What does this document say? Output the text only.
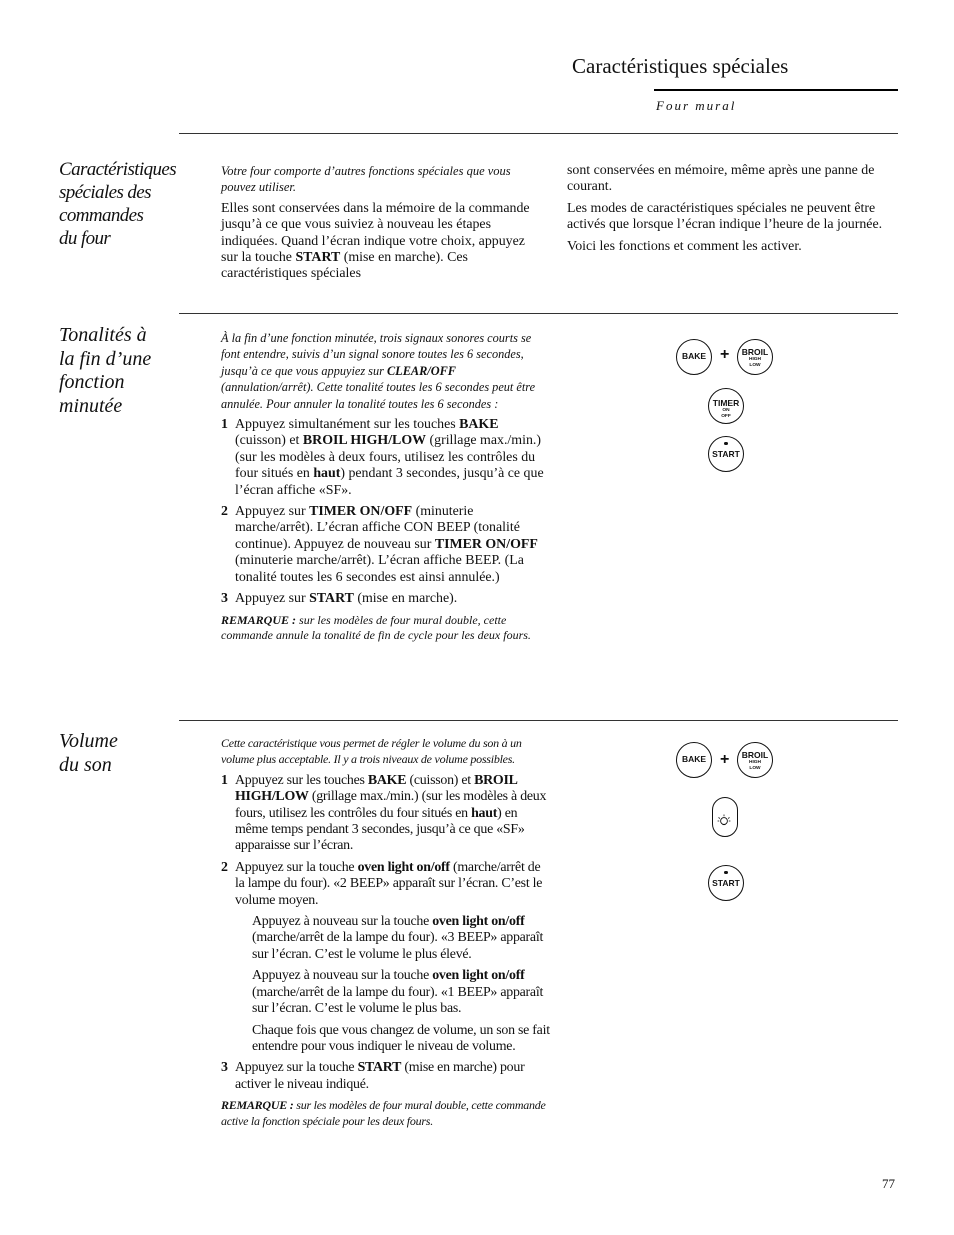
Caractéristiques spéciales
Four mural
Caractéristiques
spéciales des
commandes
du four

Votre four comporte d’autres fonctions spéciales que vous pouvez utiliser.

Elles sont conservées dans la mémoire de la commande jusqu’à ce que vous suiviez à nouveau les étapes indiquées. Quand l’écran indique votre choix, appuyez sur la touche START (mise en marche). Ces caractéristiques spéciales

sont conservées en mémoire, même après une panne de courant.

Les modes de caractéristiques spéciales ne peuvent être activés que lorsque l’écran indique l’heure de la journée.

Voici les fonctions et comment les activer.

Tonalités à
la fin d’une
fonction
minutée

À la fin d’une fonction minutée, trois signaux sonores courts se font entendre, suivis d’un signal sonore toutes les 6 secondes, jusqu’à ce que vous appuyiez sur CLEAR/OFF (annulation/arrêt). Cette tonalité toutes les 6 secondes peut être annulée. Pour annuler la tonalité toutes les 6 secondes :

1 Appuyez simultanément sur les touches BAKE (cuisson) et BROIL HIGH/LOW (grillage max./min.) (sur les modèles à deux fours, utilisez les contrôles du four situés en haut) pendant 3 secondes, jusqu’à ce que l’écran affiche «SF».
2 Appuyez sur TIMER ON/OFF (minuterie marche/arrêt). L’écran affiche CON BEEP (tonalité continue). Appuyez de nouveau sur TIMER ON/OFF (minuterie marche/arrêt). L’écran affiche BEEP. (La tonalité toutes les 6 secondes est ainsi annulée.)
3 Appuyez sur START (mise en marche).

REMARQUE : sur les modèles de four mural double, cette commande annule la tonalité de fin de cycle pour les deux fours.

BAKE +	BROIL
HIGH
LOW
TIMER
ON
OFF
START
Volume
du son

Cette caractéristique vous permet de régler le volume du son à un volume plus acceptable. Il y a trois niveaux de volume possibles.

1 Appuyez sur les touches BAKE (cuisson) et BROIL HIGH/LOW (grillage max./min.) (sur les modèles à deux fours, utilisez les contrôles du four situés en haut) en même temps pendant 3 secondes, jusqu’à ce que «SF» apparaisse sur l’écran.
2 Appuyez sur la touche oven light on/off (marche/arrêt de la lampe du four). «2 BEEP» apparaît sur l’écran. C’est le volume moyen.

Appuyez à nouveau sur la touche oven light on/off (marche/arrêt de la lampe du four). «3 BEEP» apparaît sur l’écran. C’est le volume le plus élevé.

Appuyez à nouveau sur la touche oven light on/off (marche/arrêt de la lampe du four). «1 BEEP» apparaît sur l’écran. C’est le volume le plus bas.

Chaque fois que vous changez de volume, un son se fait entendre pour vous indiquer le niveau de volume.

3 Appuyez sur la touche START (mise en marche) pour activer le niveau indiqué.

REMARQUE : sur les modèles de four mural double, cette commande active la fonction spéciale pour les deux fours.

BAKE +	BROIL
HIGH
LOW
START
77
